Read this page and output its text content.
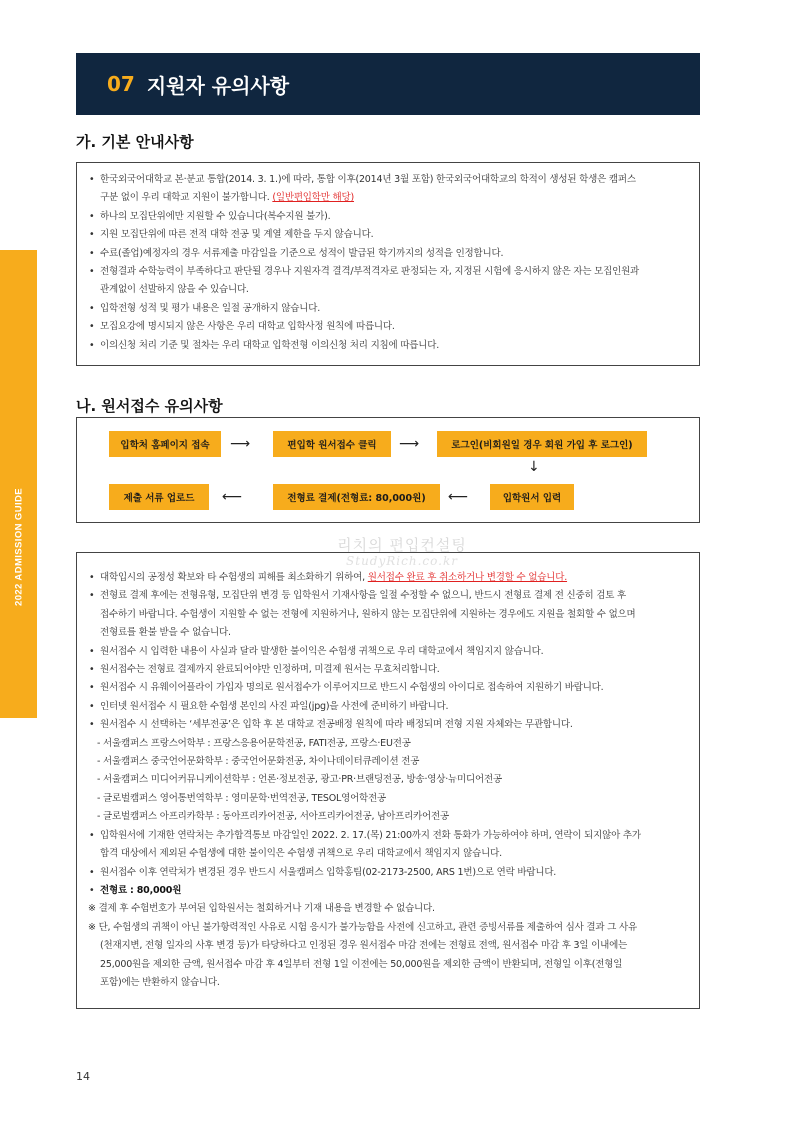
07 지원자 유의사항
2022 ADMISSION GUIDE
가. 기본 안내사항
• 한국외국어대학교 본·분교 통합(2014. 3. 1.)에 따라, 통합 이후(2014년 3월 포함) 한국외국어대학교의 학적이 생성된 학생은 캠퍼스
구분 없이 우리 대학교 지원이 불가합니다. (일반편입학만 해당)
• 하나의 모집단위에만 지원할 수 있습니다(복수지원 불가).
• 지원 모집단위에 따른 전적 대학 전공 및 계열 제한을 두지 않습니다.
• 수료(졸업)예정자의 경우 서류제출 마감일을 기준으로 성적이 발급된 학기까지의 성적을 인정합니다.
• 전형결과 수학능력이 부족하다고 판단될 경우나 지원자격 결격/부적격자로 판정되는 자, 지정된 시험에 응시하지 않은 자는 모집인원과
관계없이 선발하지 않을 수 있습니다.
• 입학전형 성적 및 평가 내용은 일절 공개하지 않습니다.
• 모집요강에 명시되지 않은 사항은 우리 대학교 입학사정 원칙에 따릅니다.
• 이의신청 처리 기준 및 절차는 우리 대학교 입학전형 이의신청 처리 지침에 따릅니다.
나. 원서접수 유의사항
입학처 홈페이지 접속	⟶	편입학 원서접수 클릭	⟶	로그인(비회원일 경우 회원 가입 후 로그인)
↓
입학원서 입력
⟵
전형료 결제(전형료: 80,000원)
⟵
제출 서류 업로드
리치의 편입컨설팅
StudyRich.co.kr
• 대학입시의 공정성 확보와 타 수험생의 피해를 최소화하기 위하여, 원서접수 완료 후 취소하거나 변경할 수 없습니다.
• 전형료 결제 후에는 전형유형, 모집단위 변경 등 입학원서 기재사항을 일절 수정할 수 없으니, 반드시 전형료 결제 전 신중히 검토 후
접수하기 바랍니다. 수험생이 지원할 수 없는 전형에 지원하거나, 원하지 않는 모집단위에 지원하는 경우에도 지원을 철회할 수 없으며
전형료를 환불 받을 수 없습니다.
• 원서접수 시 입력한 내용이 사실과 달라 발생한 불이익은 수험생 귀책으로 우리 대학교에서 책임지지 않습니다.
• 원서접수는 전형료 결제까지 완료되어야만 인정하며, 미결제 원서는 무효처리합니다.
• 원서접수 시 유웨이어플라이 가입자 명의로 원서접수가 이루어지므로 반드시 수험생의 아이디로 접속하여 지원하기 바랍니다.
• 인터넷 원서접수 시 필요한 수험생 본인의 사진 파일(jpg)을 사전에 준비하기 바랍니다.
• 원서접수 시 선택하는 ‘세부전공’은 입학 후 본 대학교 전공배정 원칙에 따라 배정되며 전형 지원 자체와는 무관합니다.
- 서울캠퍼스 프랑스어학부 : 프랑스응용어문학전공, FATI전공, 프랑스·EU전공
- 서울캠퍼스 중국언어문화학부 : 중국언어문화전공, 차이나데이터큐레이션 전공
- 서울캠퍼스 미디어커뮤니케이션학부 : 언론·정보전공, 광고·PR·브랜딩전공, 방송·영상·뉴미디어전공
- 글로벌캠퍼스 영어통번역학부 : 영미문학·번역전공, TESOL영어학전공
- 글로벌캠퍼스 아프리카학부 : 동아프리카어전공, 서아프리카어전공, 남아프리카어전공
• 입학원서에 기재한 연락처는 추가합격통보 마감일인 2022. 2. 17.(목) 21:00까지 전화 통화가 가능하여야 하며, 연락이 되지않아 추가
합격 대상에서 제외된 수험생에 대한 불이익은 수험생 귀책으로 우리 대학교에서 책임지지 않습니다.
• 원서접수 이후 연락처가 변경된 경우 반드시 서울캠퍼스 입학홍팀(02-2173-2500, ARS 1번)으로 연락 바랍니다.
• 전형료 : 80,000원
※ 결제 후 수험번호가 부여된 입학원서는 철회하거나 기재 내용을 변경할 수 없습니다.
※ 단, 수험생의 귀책이 아닌 불가항력적인 사유로 시험 응시가 불가능함을 사전에 신고하고, 관련 증빙서류를 제출하여 심사 결과 그 사유
(천재지변, 전형 일자의 사후 변경 등)가 타당하다고 인정된 경우 원서접수 마감 전에는 전형료 전액, 원서접수 마감 후 3일 이내에는
25,000원을 제외한 금액, 원서접수 마감 후 4일부터 전형 1일 이전에는 50,000원을 제외한 금액이 반환되며, 전형일 이후(전형일
포함)에는 반환하지 않습니다.
14
